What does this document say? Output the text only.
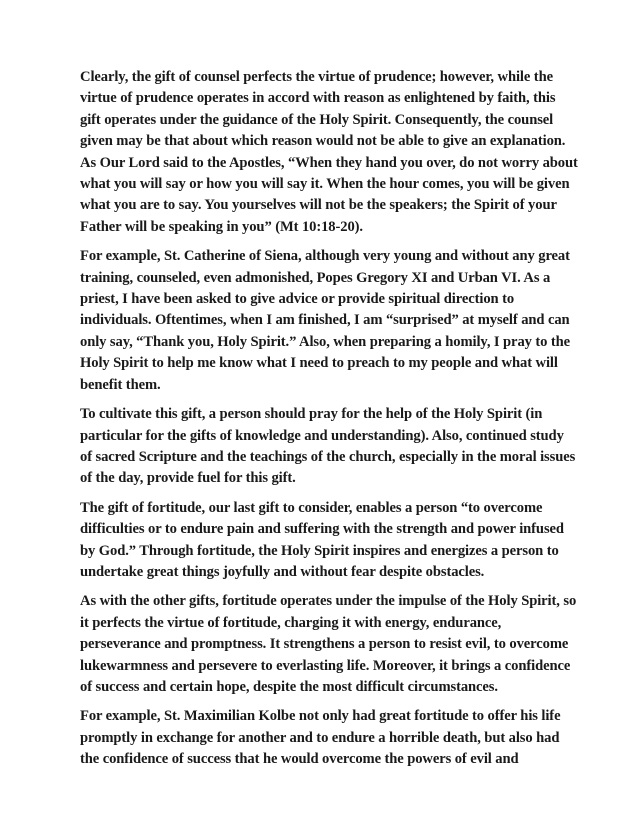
Clearly, the gift of counsel perfects the virtue of prudence; however, while the virtue of prudence operates in accord with reason as enlightened by faith, this gift operates under the guidance of the Holy Spirit. Consequently, the counsel given may be that about which reason would not be able to give an explanation. As Our Lord said to the Apostles, “When they hand you over, do not worry about what you will say or how you will say it. When the hour comes, you will be given what you are to say. You yourselves will not be the speakers; the Spirit of your Father will be speaking in you” (Mt 10:18-20).

For example, St. Catherine of Siena, although very young and without any great training, counseled, even admonished, Popes Gregory XI and Urban VI. As a priest, I have been asked to give advice or provide spiritual direction to individuals. Oftentimes, when I am finished, I am “surprised” at myself and can only say, “Thank you, Holy Spirit.” Also, when preparing a homily, I pray to the Holy Spirit to help me know what I need to preach to my people and what will benefit them.

To cultivate this gift, a person should pray for the help of the Holy Spirit (in particular for the gifts of knowledge and understanding). Also, continued study of sacred Scripture and the teachings of the church, especially in the moral issues of the day, provide fuel for this gift.

The gift of fortitude, our last gift to consider, enables a person “to overcome difficulties or to endure pain and suffering with the strength and power infused by God.” Through fortitude, the Holy Spirit inspires and energizes a person to undertake great things joyfully and without fear despite obstacles.

As with the other gifts, fortitude operates under the impulse of the Holy Spirit, so it perfects the virtue of fortitude, charging it with energy, endurance, perseverance and promptness. It strengthens a person to resist evil, to overcome lukewarmness and persevere to everlasting life. Moreover, it brings a confidence of success and certain hope, despite the most difficult circumstances.

For example, St. Maximilian Kolbe not only had great fortitude to offer his life promptly in exchange for another and to endure a horrible death, but also had the confidence of success that he would overcome the powers of evil and
